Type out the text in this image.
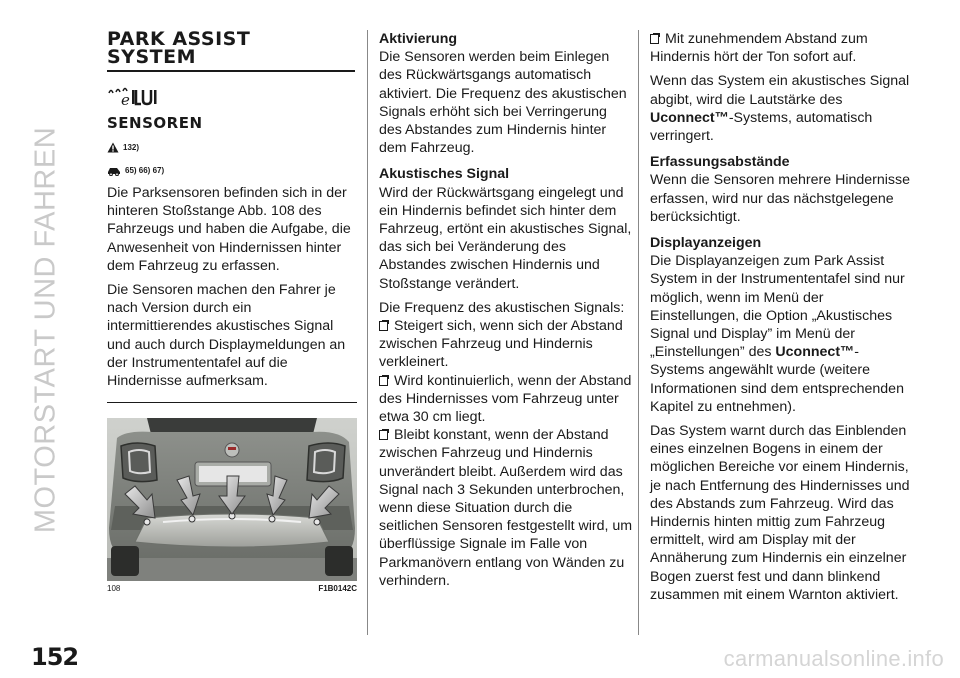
MOTORSTART UND FAHREN
PARK ASSIST
SYSTEM
e
SENSOREN
132)
65) 66) 67)

Die Parksensoren befinden sich in der hinteren Stoßstange Abb. 108 des Fahrzeugs und haben die Aufgabe, die Anwesenheit von Hindernissen hinter dem Fahrzeug zu erfassen.

Die Sensoren machen den Fahrer je nach Version durch ein intermittierendes akustisches Signal und auch durch Displaymeldungen an der Instrumententafel auf die Hindernisse aufmerksam.

108	F1B0142C
Aktivierung

Die Sensoren werden beim Einlegen des Rückwärtsgangs automatisch aktiviert. Die Frequenz des akustischen Signals erhöht sich bei Verringerung des Abstandes zum Hindernis hinter dem Fahrzeug.

Akustisches Signal

Wird der Rückwärtsgang eingelegt und ein Hindernis befindet sich hinter dem Fahrzeug, ertönt ein akustisches Signal, das sich bei Veränderung des Abstandes zwischen Hindernis und Stoßstange verändert.

Die Frequenz des akustischen Signals:

Steigert sich, wenn sich der Abstand zwischen Fahrzeug und Hindernis verkleinert.
Wird kontinuierlich, wenn der Abstand des Hindernisses vom Fahrzeug unter etwa 30 cm liegt.
Bleibt konstant, wenn der Abstand zwischen Fahrzeug und Hindernis unverändert bleibt. Außerdem wird das Signal nach 3 Sekunden unterbrochen, wenn diese Situation durch die seitlichen Sensoren festgestellt wird, um überflüssige Signale im Falle von Parkmanövern entlang von Wänden zu verhindern.
Mit zunehmendem Abstand zum Hindernis hört der Ton sofort auf.

Wenn das System ein akustisches Signal abgibt, wird die Lautstärke des Uconnect™-Systems, automatisch verringert.

Erfassungsabstände

Wenn die Sensoren mehrere Hindernisse erfassen, wird nur das nächstgelegene berücksichtigt.

Displayanzeigen

Die Displayanzeigen zum Park Assist System in der Instrumententafel sind nur möglich, wenn im Menü der Einstellungen, die Option „Akustisches Signal und Display” im Menü der „Einstellungen” des Uconnect™-Systems angewählt wurde (weitere Informationen sind dem entsprechenden Kapitel zu entnehmen).

Das System warnt durch das Einblenden eines einzelnen Bogens in einem der möglichen Bereiche vor einem Hindernis, je nach Entfernung des Hindernisses und des Abstands zum Fahrzeug. Wird das Hindernis hinten mittig zum Fahrzeug ermittelt, wird am Display mit der Annäherung zum Hindernis ein einzelner Bogen zuerst fest und dann blinkend zusammen mit einem Warnton aktiviert.

152	carmanualsonline.info
